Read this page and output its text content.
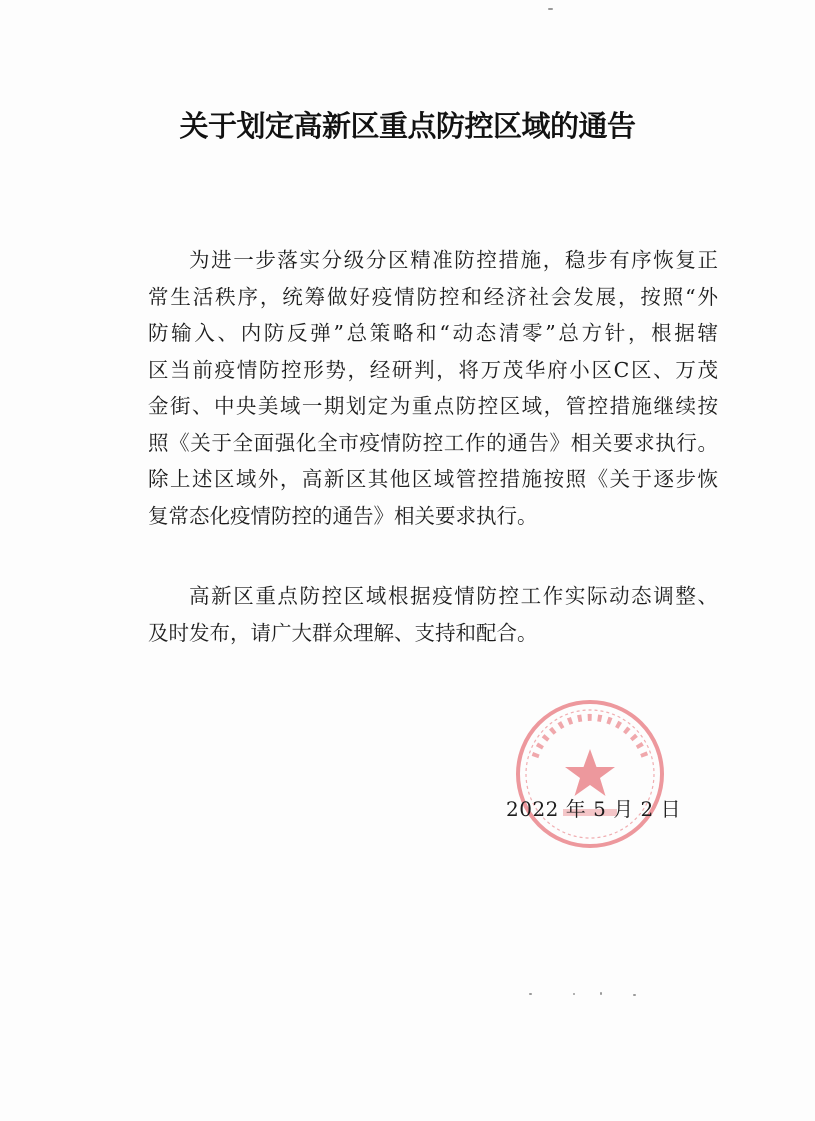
关于划定高新区重点防控区域的通告
为进一步落实分级分区精准防控措施，稳步有序恢复正
常生活秩序，统筹做好疫情防控和经济社会发展，按照“外
防输入、内防反弹”总策略和“动态清零”总方针，根据辖
区当前疫情防控形势，经研判，将万茂华府小区C区、万茂
金街、中央美域一期划定为重点防控区域，管控措施继续按
照《关于全面强化全市疫情防控工作的通告》相关要求执行。
除上述区域外，高新区其他区域管控措施按照《关于逐步恢
复常态化疫情防控的通告》相关要求执行。
高新区重点防控区域根据疫情防控工作实际动态调整、
及时发布，请广大群众理解、支持和配合。
2022 年 5 月 2 日
